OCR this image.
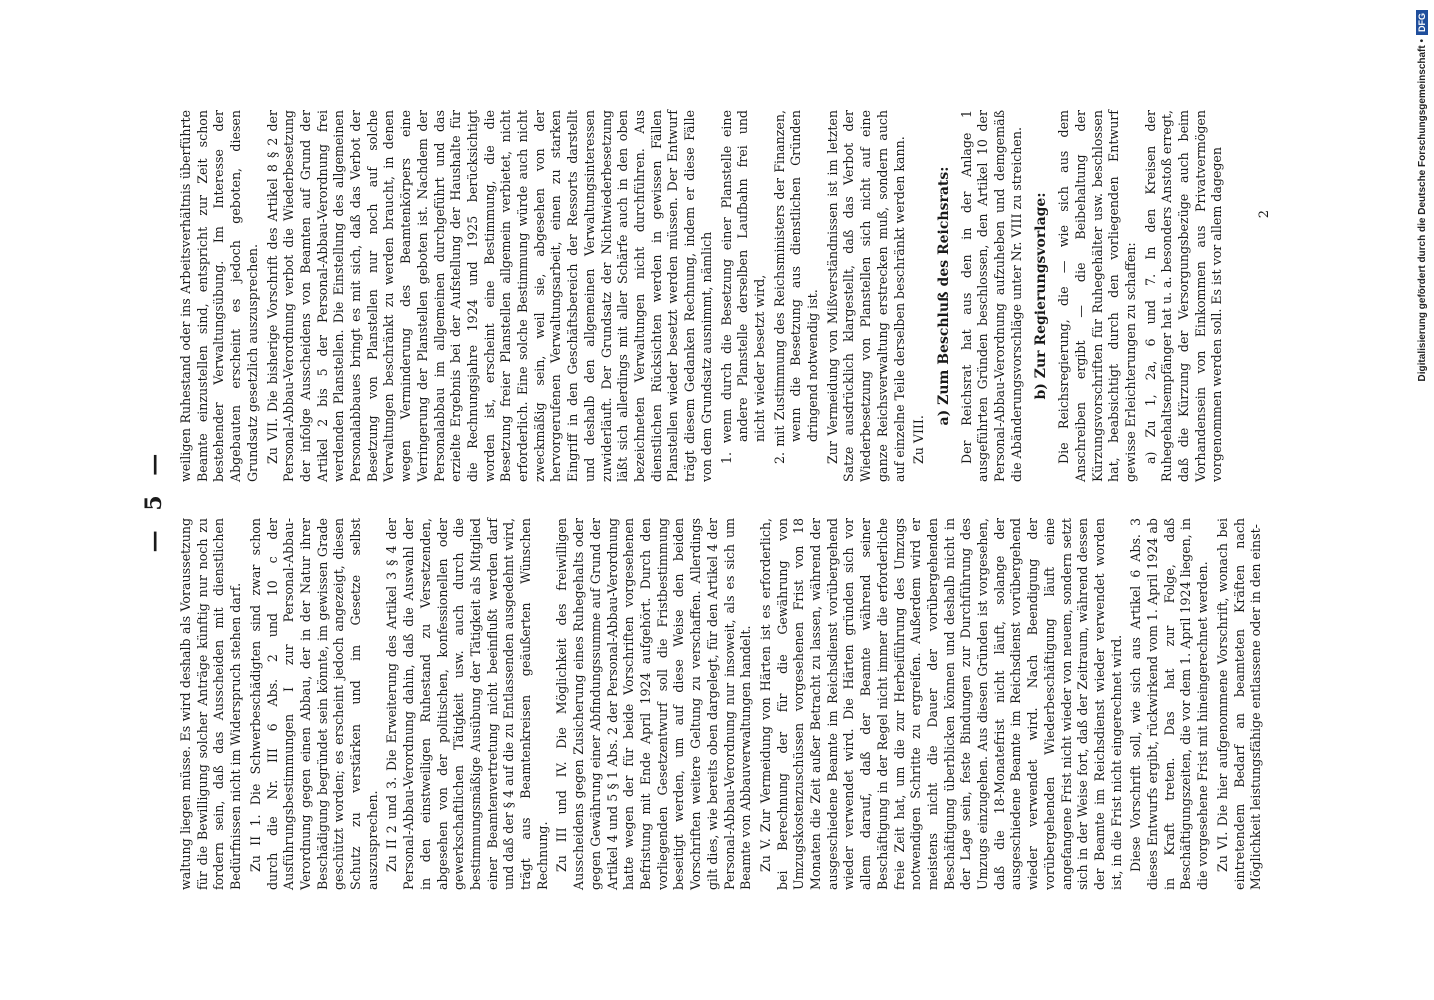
— 5 —

waltung liegen müsse. Es wird deshalb als Voraussetzung für die Bewilligung solcher Anträge künftig nur noch zu fordern sein, daß das Ausscheiden mit dienstlichen Bedürfnissen nicht im Widerspruch stehen darf. Zu II 1. Die Schwerbeschädigten sind zwar schon durch die Nr. III 6 Abs. 2 und 10 c der Ausführungsbestimmungen I zur Personal-Abbau-Verordnung gegen einen Abbau, der in der Natur ihrer Beschädigung begründet sein könnte, im gewissen Grade geschützt worden; es erscheint jedoch angezeigt, diesen Schutz zu verstärken und im Gesetze selbst auszusprechen. Zu II 2 und 3. Die Erweiterung des Artikel 3 § 4 der Personal-Abbau-Verordnung dahin, daß die Auswahl der in den einstweiligen Ruhestand zu Versetzenden, abgesehen von der politischen, konfessionellen oder gewerkschaftlichen Tätigkeit usw. auch durch die bestimmungsmäßige Ausübung der Tätigkeit als Mitglied einer Beamtenvertretung nicht beeinflußt werden darf und daß der § 4 auf die zu Entlassenden ausgedehnt wird, trägt aus Beamtenkreisen geäußerten Wünschen Rechnung. Zu III und IV. Die Möglichkeit des freiwilligen Ausscheidens gegen Zusicherung eines Ruhegehalts oder gegen Gewährung einer Abfindungssumme auf Grund der Artikel 4 und 5 § 1 Abs. 2 der Personal-Abbau-Verordnung hatte wegen der für beide Vorschriften vorgesehenen Befristung mit Ende April 1924 aufgehört. Durch den vorliegenden Gesetzentwurf soll die Fristbestimmung beseitigt werden, um auf diese Weise den beiden Vorschriften weitere Geltung zu verschaffen. Allerdings gilt dies, wie bereits oben dargelegt, für den Artikel 4 der Personal-Abbau-Verordnung nur insoweit, als es sich um Beamte von Abbauverwaltungen handelt. Zu V. Zur Vermeidung von Härten ist es erforderlich, bei Berechnung der für die Gewährung von Umzugskostenzuschüssen vorgesehenen Frist von 18 Monaten die Zeit außer Betracht zu lassen, während der ausgeschiedene Beamte im Reichsdienst vorübergehend wieder verwendet wird. Die Härten gründen sich vor allem darauf, daß der Beamte während seiner Beschäftigung in der Regel nicht immer die erforderliche freie Zeit hat, um die zur Herbeiführung des Umzugs notwendigen Schritte zu ergreifen. Außerdem wird er meistens nicht die Dauer der vorübergehenden Beschäftigung überblicken können und deshalb nicht in der Lage sein, feste Bindungen zur Durchführung des Umzugs einzugehen. Aus diesen Gründen ist vorgesehen, daß die 18-Monatefrist nicht läuft, solange der ausgeschiedene Beamte im Reichsdienst vorübergehend wieder verwendet wird. Nach Beendigung der vorübergehenden Wiederbeschäftigung läuft eine angefangene Frist nicht wieder von neuem, sondern setzt sich in der Weise fort, daß der Zeitraum, während dessen der Beamte im Reichsdienst wieder verwendet worden ist, in die Frist nicht eingerechnet wird. Diese Vorschrift soll, wie sich aus Artikel 6 Abs. 3 dieses Entwurfs ergibt, rückwirkend vom 1. April 1924 ab in Kraft treten. Das hat zur Folge, daß Beschäftigungszeiten, die vor dem 1. April 1924 liegen, in die vorgesehene Frist mit hineingerechnet werden. Zu VI. Die hier aufgenommene Vorschrift, wonach bei eintretendem Bedarf an beamteten Kräften nach Möglichkeit leistungsfähige entlassene oder in den einst-

weiligen Ruhestand oder ins Arbeitsverhältnis überführte Beamte einzustellen sind, entspricht zur Zeit schon bestehender Verwaltungsübung. Im Interesse der Abgebauten erscheint es jedoch geboten, diesen Grundsatz gesetzlich auszusprechen. Zu VII. Die bisherige Vorschrift des Artikel 8 § 2 der Personal-Abbau-Verordnung verbot die Wiederbesetzung der infolge Ausscheidens von Beamten auf Grund der Artikel 2 bis 5 der Personal-Abbau-Verordnung frei werdenden Planstellen. Die Einstellung des allgemeinen Personalabbaues bringt es mit sich, daß das Verbot der Besetzung von Planstellen nur noch auf solche Verwaltungen beschränkt zu werden braucht, in denen wegen Verminderung des Beamtenkörpers eine Verringerung der Planstellen geboten ist. Nachdem der Personalabbau im allgemeinen durchgeführt und das erzielte Ergebnis bei der Aufstellung der Haushalte für die Rechnungsjahre 1924 und 1925 berücksichtigt worden ist, erscheint eine Bestimmung, die die Besetzung freier Planstellen allgemein verbietet, nicht erforderlich. Eine solche Bestimmung würde auch nicht zweckmäßig sein, weil sie, abgesehen von der hervorgerufenen Verwaltungsarbeit, einen zu starken Eingriff in den Geschäftsbereich der Ressorts darstellt und deshalb den allgemeinen Verwaltungsinteressen zuwiderläuft. Der Grundsatz der Nichtwiederbesetzung läßt sich allerdings mit aller Schärfe auch in den oben bezeichneten Verwaltungen nicht durchführen. Aus dienstlichen Rücksichten werden in gewissen Fällen Planstellen wieder besetzt werden müssen. Der Entwurf trägt diesem Gedanken Rechnung, indem er diese Fälle von dem Grundsatz ausnimmt, nämlich 1. wenn durch die Besetzung einer Planstelle eine andere Planstelle derselben Laufbahn frei und nicht wieder besetzt wird, 2. mit Zustimmung des Reichsministers der Finanzen, wenn die Besetzung aus dienstlichen Gründen dringend notwendig ist. Zur Vermeidung von Mißverständnissen ist im letzten Satze ausdrücklich klargestellt, daß das Verbot der Wiederbesetzung von Planstellen sich nicht auf eine ganze Reichsverwaltung erstrecken muß, sondern auch auf einzelne Teile derselben beschränkt werden kann. Zu VIII.

a) Zum Beschluß des Reichsrats: Der Reichsrat hat aus den in der Anlage 1 ausgeführten Gründen beschlossen, den Artikel 10 der Personal-Abbau-Verordnung aufzuheben und demgemäß die Abänderungsvorschläge unter Nr. VIII zu streichen. b) Zur Regierungsvorlage: Die Reichsregierung, die — wie sich aus dem Anschreiben ergibt — die Beibehaltung der Kürzungsvorschriften für Ruhegehälter usw. beschlossen hat, beabsichtigt durch den vorliegenden Entwurf gewisse Erleichterungen zu schaffen: a) Zu 1, 2a, 6 und 7. In den Kreisen der Ruhegehaltsempfänger hat u. a. besonders Anstoß erregt, daß die Kürzung der Versorgungsbezüge auch beim Vorhandensein von Einkommen aus Privatvermögen vorgenommen werden soll. Es ist vor allem dagegen	2	Digitalisierung gefördert durch die Deutsche Forschungsgemeinschaft •
DFG
